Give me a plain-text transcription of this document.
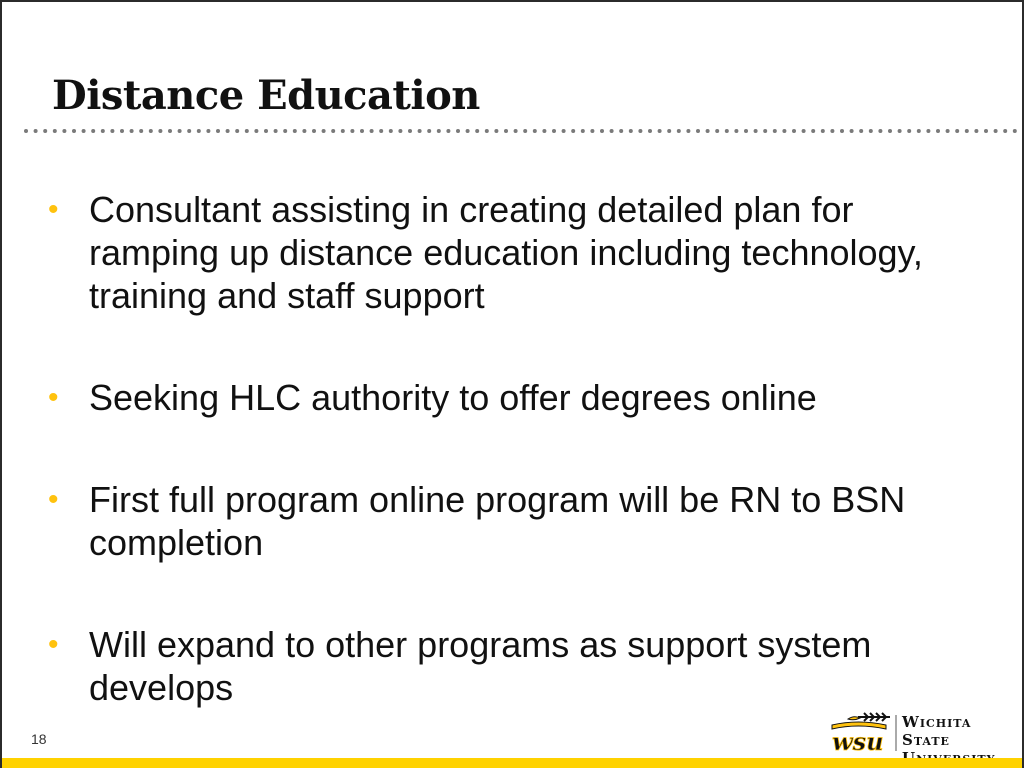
Distance Education
• Consultant assisting in creating detailed plan for ramping up distance education including technology, training and staff support
• Seeking HLC authority to offer degrees online
• First full program online program will be RN to BSN completion
• Will expand to other programs as support system develops
18	wsu
Wichita State
